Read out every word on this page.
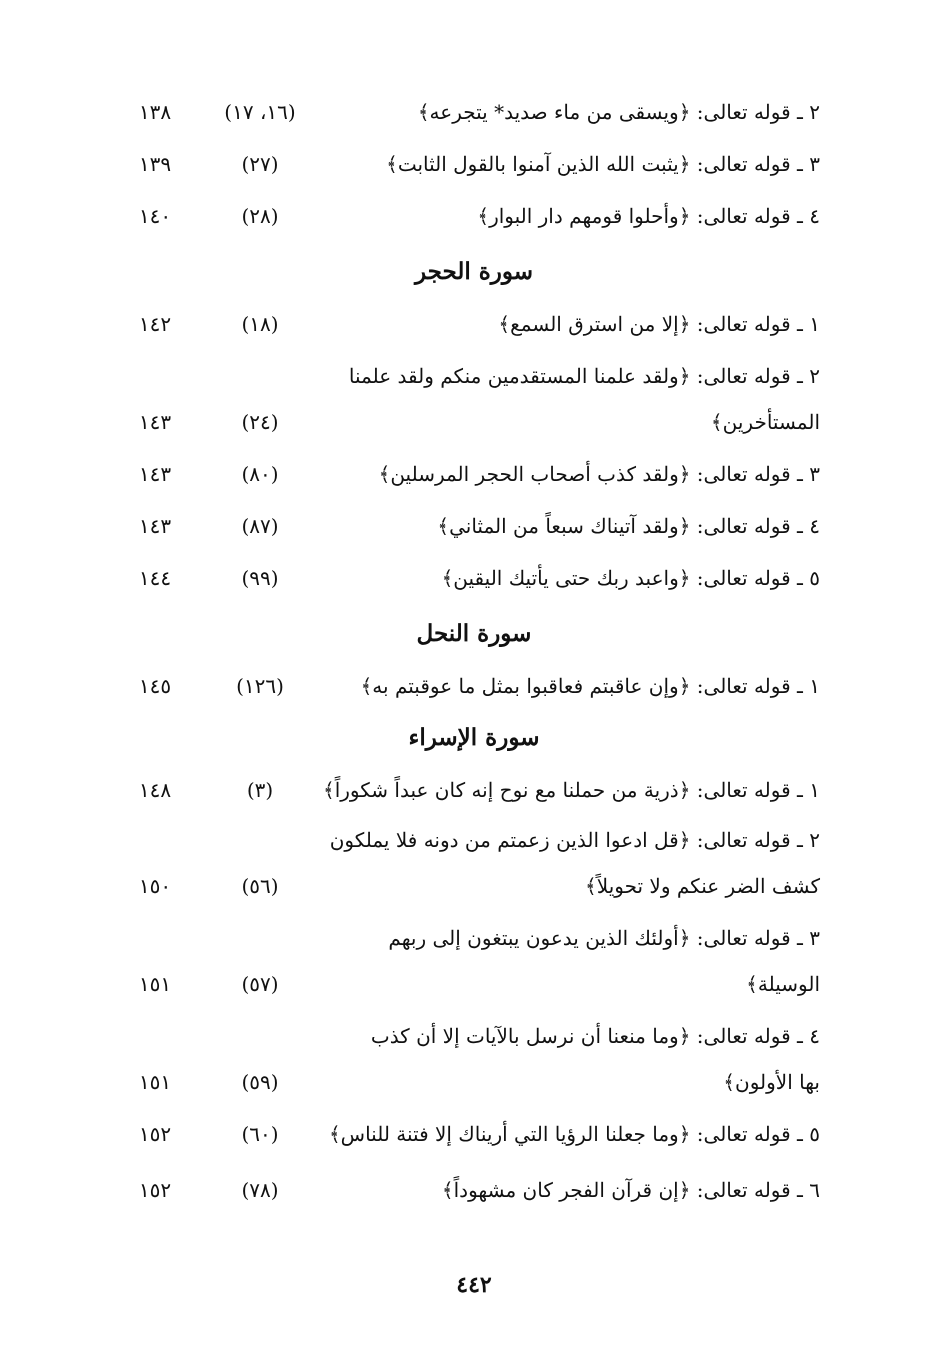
٢ ـ قوله تعالى: ﴿ويسقى من ماء صديد* يتجرعه﴾
(١٦، ١٧)
١٣٨
٣ ـ قوله تعالى: ﴿يثبت الله الذين آمنوا بالقول الثابت﴾
(٢٧)
١٣٩
٤ ـ قوله تعالى: ﴿وأحلوا قومهم دار البوار﴾
(٢٨)
١٤٠
سورة الحجر
١ ـ قوله تعالى: ﴿إلا من استرق السمع﴾
(١٨)
١٤٢
٢ ـ قوله تعالى: ﴿ولقد علمنا المستقدمين منكم ولقد علمنا
المستأخرين﴾
(٢٤)
١٤٣
٣ ـ قوله تعالى: ﴿ولقد كذب أصحاب الحجر المرسلين﴾
(٨٠)
١٤٣
٤ ـ قوله تعالى: ﴿ولقد آتيناك سبعاً من المثاني﴾
(٨٧)
١٤٣
٥ ـ قوله تعالى: ﴿واعبد ربك حتى يأتيك اليقين﴾
(٩٩)
١٤٤
سورة النحل
١ ـ قوله تعالى: ﴿وإن عاقبتم فعاقبوا بمثل ما عوقبتم به﴾
(١٢٦)
١٤٥
سورة الإسراء
١ ـ قوله تعالى: ﴿ذرية من حملنا مع نوح إنه كان عبداً شكوراً﴾
(٣)
١٤٨
٢ ـ قوله تعالى: ﴿قل ادعوا الذين زعمتم من دونه فلا يملكون
كشف الضر عنكم ولا تحويلاً﴾
(٥٦)
١٥٠
٣ ـ قوله تعالى: ﴿أولئك الذين يدعون يبتغون إلى ربهم
الوسيلة﴾
(٥٧)
١٥١
٤ ـ قوله تعالى: ﴿وما منعنا أن نرسل بالآيات إلا أن كذب
بها الأولون﴾
(٥٩)
١٥١
٥ ـ قوله تعالى: ﴿وما جعلنا الرؤيا التي أريناك إلا فتنة للناس﴾
(٦٠)
١٥٢
٦ ـ قوله تعالى: ﴿إن قرآن الفجر كان مشهوداً﴾
(٧٨)
١٥٢
٤٤٢
